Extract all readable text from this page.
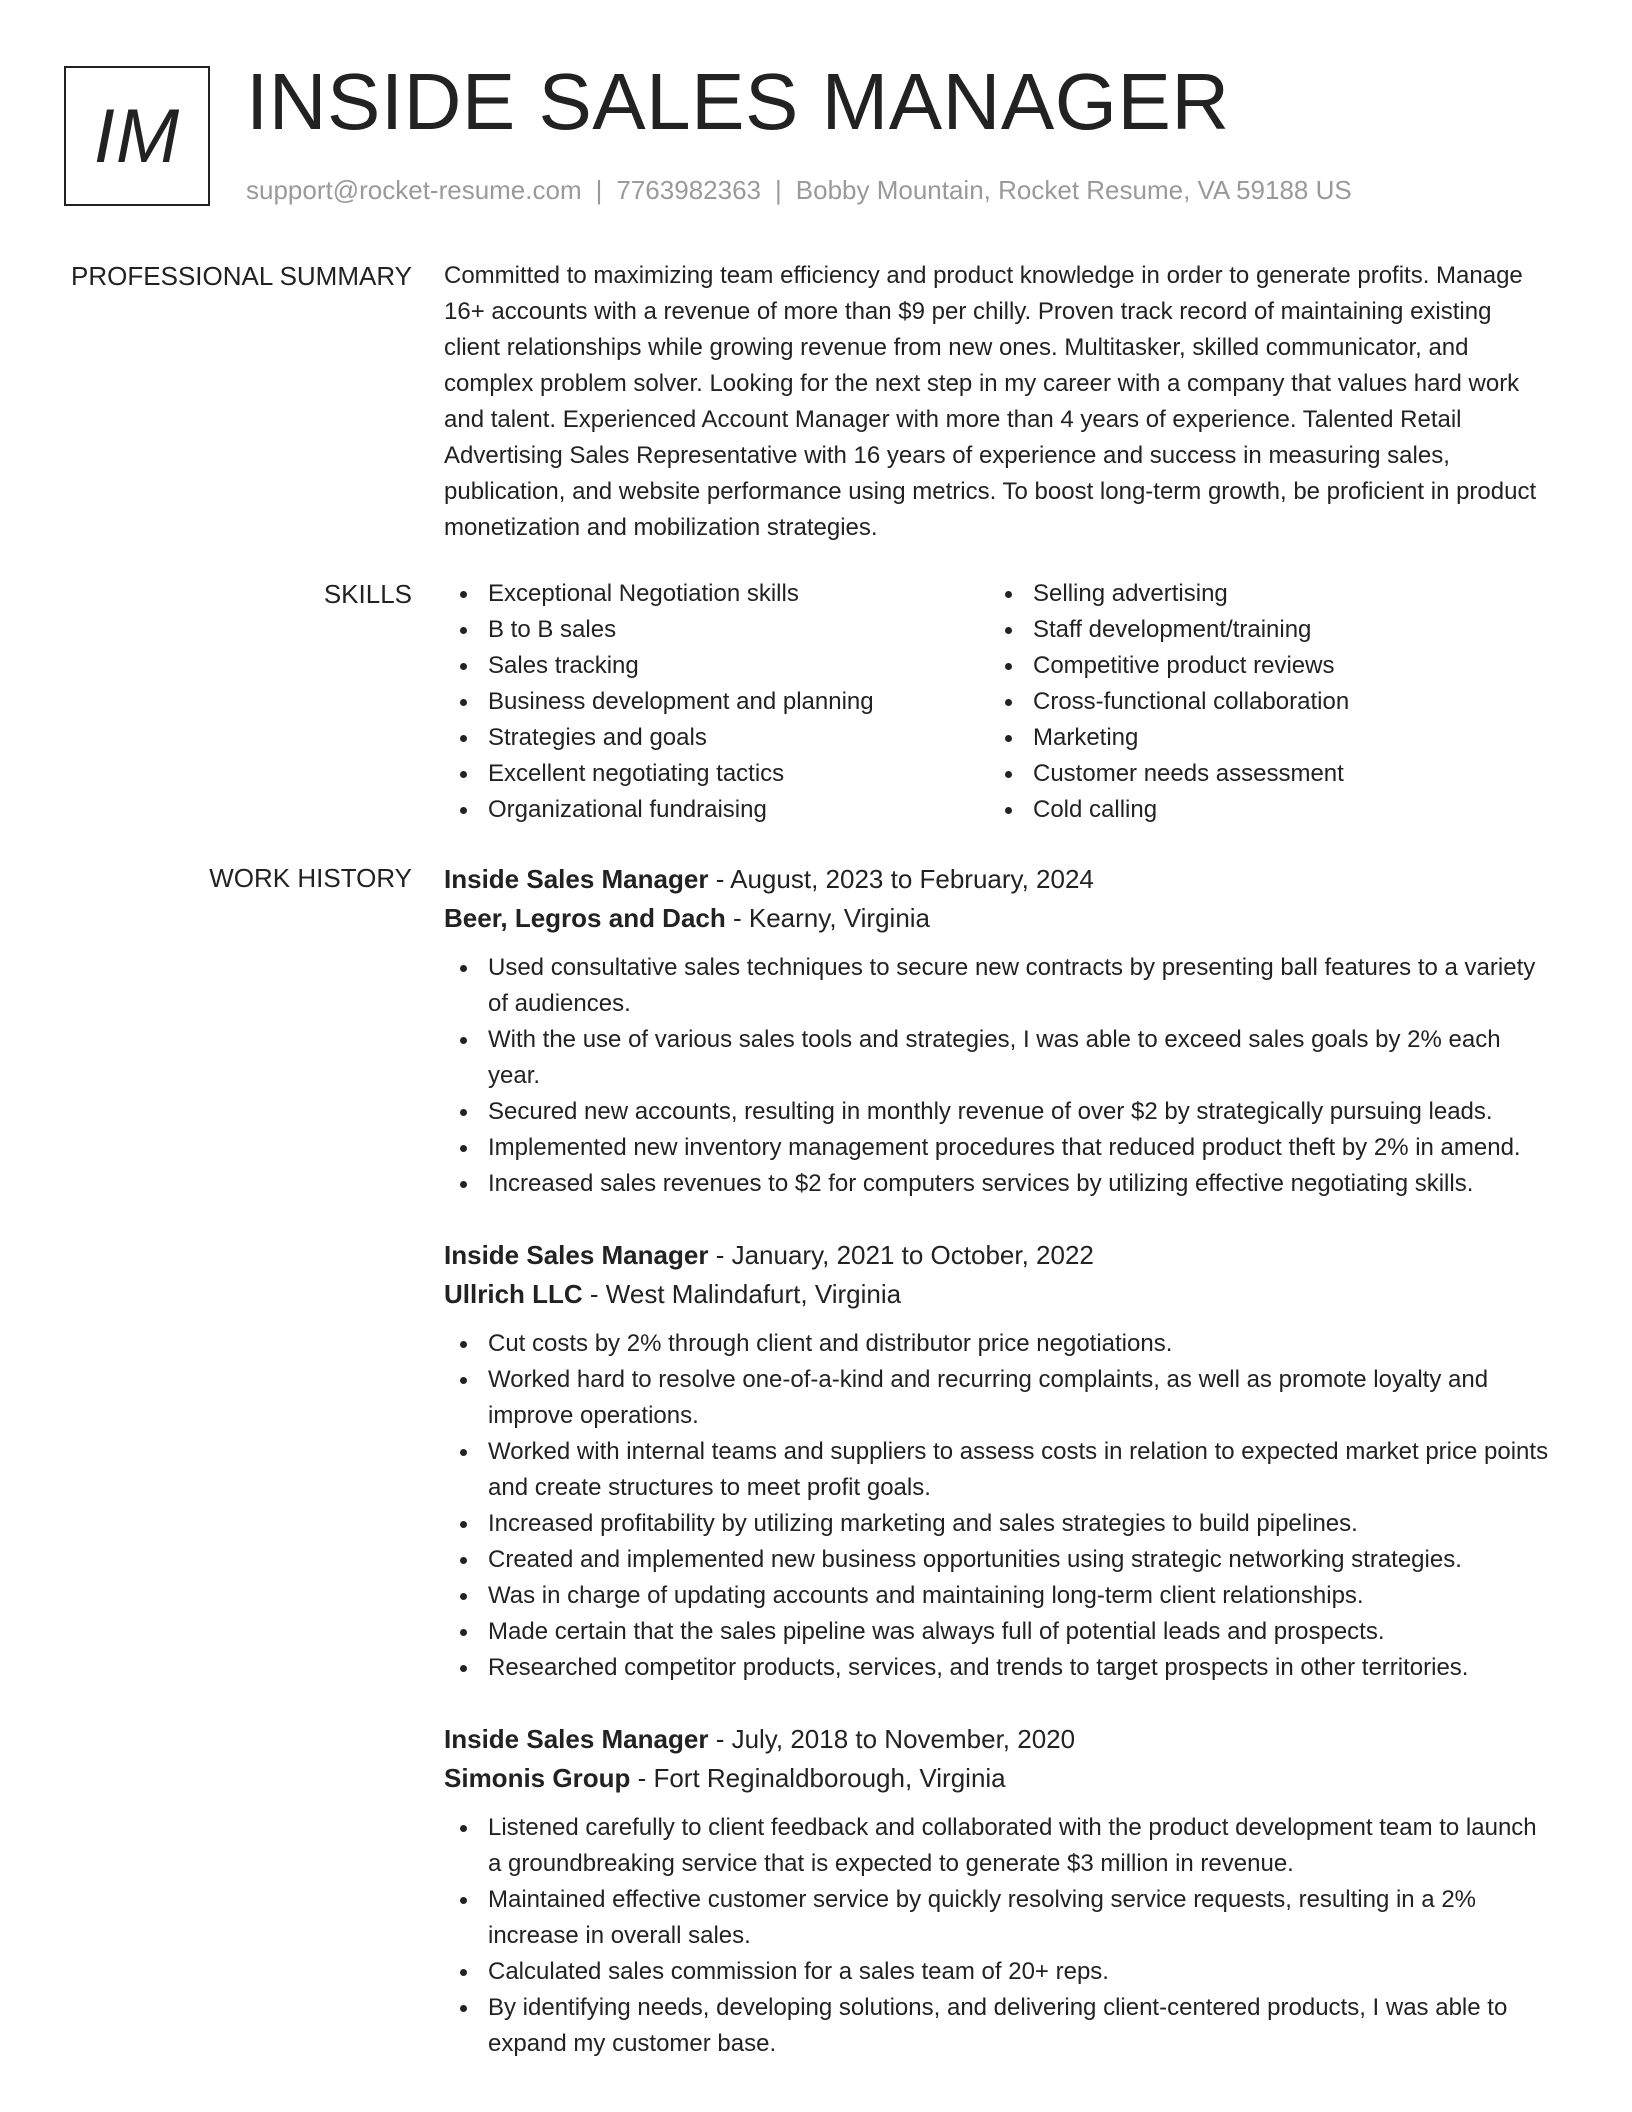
IM INSIDE SALES MANAGER
support@rocket-resume.com | 7763982363 | Bobby Mountain, Rocket Resume, VA 59188 US
PROFESSIONAL SUMMARY Committed to maximizing team efficiency and product knowledge in order to generate profits. Manage 16+ accounts with a revenue of more than $9 per chilly. Proven track record of maintaining existing client relationships while growing revenue from new ones. Multitasker, skilled communicator, and complex problem solver. Looking for the next step in my career with a company that values hard work and talent. Experienced Account Manager with more than 4 years of experience. Talented Retail Advertising Sales Representative with 16 years of experience and success in measuring sales, publication, and website performance using metrics. To boost long-term growth, be proficient in product monetization and mobilization strategies.

SKILLS	Exceptional Negotiation skills
B to B sales
Sales tracking
Business development and planning
Strategies and goals
Excellent negotiating tactics
Organizational fundraising
Selling advertising
Staff development/training
Competitive product reviews
Cross-functional collaboration
Marketing
Customer needs assessment
Cold calling
WORK HISTORY Inside Sales Manager - August, 2023 to February, 2024
Beer, Legros and Dach - Kearny, Virginia
Used consultative sales techniques to secure new contracts by presenting ball features to a variety of audiences.
With the use of various sales tools and strategies, I was able to exceed sales goals by 2% each year.
Secured new accounts, resulting in monthly revenue of over $2 by strategically pursuing leads.
Implemented new inventory management procedures that reduced product theft by 2% in amend.
Increased sales revenues to $2 for computers services by utilizing effective negotiating skills.
Inside Sales Manager - January, 2021 to October, 2022
Ullrich LLC - West Malindafurt, Virginia
Cut costs by 2% through client and distributor price negotiations.
Worked hard to resolve one-of-a-kind and recurring complaints, as well as promote loyalty and improve operations.
Worked with internal teams and suppliers to assess costs in relation to expected market price points and create structures to meet profit goals.
Increased profitability by utilizing marketing and sales strategies to build pipelines.
Created and implemented new business opportunities using strategic networking strategies.
Was in charge of updating accounts and maintaining long-term client relationships.
Made certain that the sales pipeline was always full of potential leads and prospects.
Researched competitor products, services, and trends to target prospects in other territories.
Inside Sales Manager - July, 2018 to November, 2020
Simonis Group - Fort Reginaldborough, Virginia
Listened carefully to client feedback and collaborated with the product development team to launch a groundbreaking service that is expected to generate $3 million in revenue.
Maintained effective customer service by quickly resolving service requests, resulting in a 2% increase in overall sales.
Calculated sales commission for a sales team of 20+ reps.
By identifying needs, developing solutions, and delivering client-centered products, I was able to expand my customer base.
